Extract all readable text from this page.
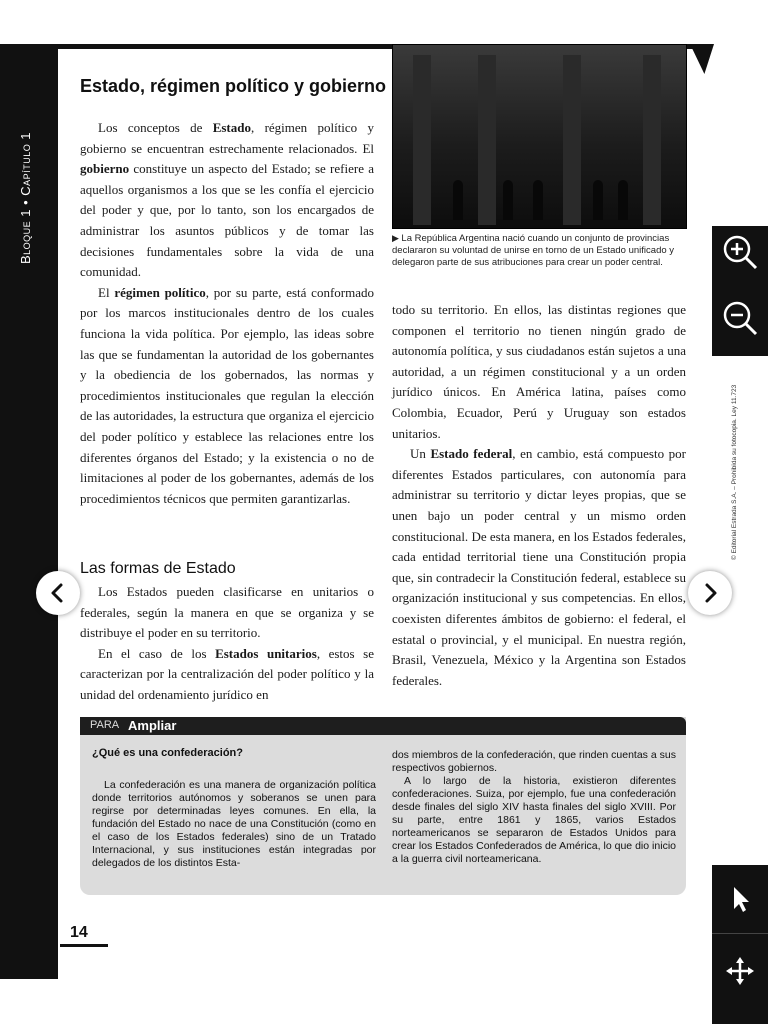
Bloque 1 • Capítulo 1	▶ La República Argentina nació cuando un conjunto de provincias declararon su voluntad de unirse en torno de un Estado unificado y delegaron parte de sus atribuciones para crear un poder central.
Estado, régimen político y gobierno

Los conceptos de Estado, régimen político y gobierno se encuentran estrechamente relacionados. El gobierno constituye un aspecto del Estado; se refiere a aquellos organismos a los que se les confía el ejercicio del poder y que, por lo tanto, son los encargados de administrar los asuntos públicos y de tomar las decisiones fundamentales sobre la vida de una comunidad.

El régimen político, por su parte, está conformado por los marcos institucionales dentro de los cuales funciona la vida política. Por ejemplo, las ideas sobre las que se fundamentan la autoridad de los gobernantes y la obediencia de los gobernados, las normas y procedimientos institucionales que regulan la elección de las autoridades, la estructura que organiza el ejercicio del poder político y establece las relaciones entre los diferentes órganos del Estado; y la existencia o no de limitaciones al poder de los gobernantes, además de los procedimientos técnicos que permiten garantizarlas.

Las formas de Estado

Los Estados pueden clasificarse en unitarios o federales, según la manera en que se organiza y se distribuye el poder en su territorio.

En el caso de los Estados unitarios, estos se caracterizan por la centralización del poder político y la unidad del ordenamiento jurídico en

todo su territorio. En ellos, las distintas regiones que componen el territorio no tienen ningún grado de autonomía política, y sus ciudadanos están sujetos a una autoridad, a un régimen constitucional y a un orden jurídico únicos. En América latina, países como Colombia, Ecuador, Perú y Uruguay son estados unitarios.

Un Estado federal, en cambio, está compuesto por diferentes Estados particulares, con autonomía para administrar su territorio y dictar leyes propias, que se unen bajo un poder central y un mismo orden constitucional. De esta manera, en los Estados federales, cada entidad territorial tiene una Constitución propia que, sin contradecir la Constitución federal, establece su organización institucional y sus competencias. En ellos, coexisten diferentes ámbitos de gobierno: el federal, el estatal o provincial, y el municipal. En nuestra región, Brasil, Venezuela, México y la Argentina son Estados federales.

PARA Ampliar
¿Qué es una confederación?

La confederación es una manera de organización política donde territorios autónomos y soberanos se unen para regirse por determinadas leyes comunes. En ella, la fundación del Estado no nace de una Constitución (como en el caso de los Estados federales) sino de un Tratado Internacional, y sus instituciones están integradas por delegados de los distintos Esta-

dos miembros de la confederación, que rinden cuentas a sus respectivos gobiernos.

A lo largo de la historia, existieron diferentes confederaciones. Suiza, por ejemplo, fue una confederación desde finales del siglo XIV hasta finales del siglo XVIII. Por su parte, entre 1861 y 1865, varios Estados norteamericanos se separaron de Estados Unidos para crear los Estados Confederados de América, lo que dio inicio a la guerra civil norteamericana.

14
© Editorial Estrada S.A. – Prohibida su fotocopia. Ley 11.723
